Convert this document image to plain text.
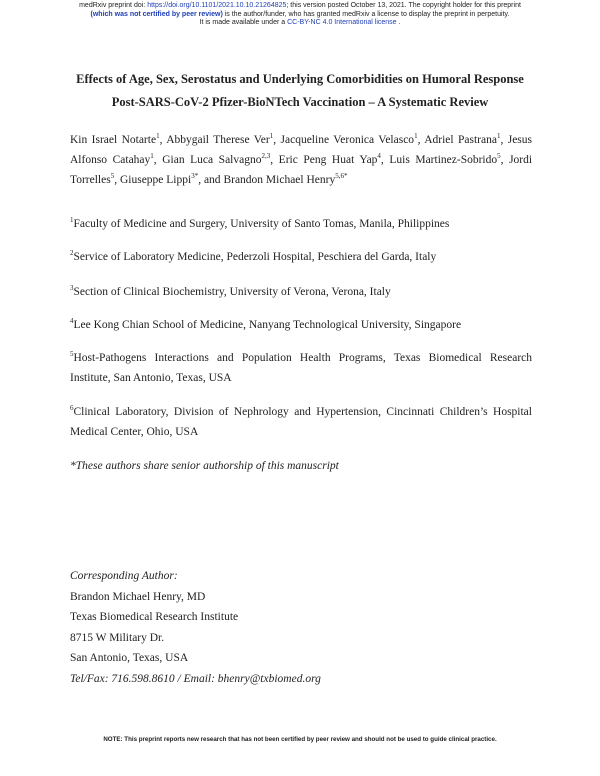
medRxiv preprint doi: https://doi.org/10.1101/2021.10.10.21264825; this version posted October 13, 2021. The copyright holder for this preprint
(which was not certified by peer review) is the author/funder, who has granted medRxiv a license to display the preprint in perpetuity.
It is made available under a CC-BY-NC 4.0 International license .
Effects of Age, Sex, Serostatus and Underlying Comorbidities on Humoral Response
Post-SARS-CoV-2 Pfizer-BioNTech Vaccination – A Systematic Review
Kin Israel Notarte$^1$, Abbygail Therese Ver$^1$, Jacqueline Veronica Velasco$^1$, Adriel Pastrana$^1$, Jesus Alfonso Catahay$^1$, Gian Luca Salvagno$^{2,3}$, Eric Peng Huat Yap$^4$, Luis Martinez-Sobrido$^5$, Jordi Torrelles$^5$, Giuseppe Lippi$^{3*}$, and Brandon Michael Henry$^{5,6*}$
$^1$Faculty of Medicine and Surgery, University of Santo Tomas, Manila, Philippines
$^2$Service of Laboratory Medicine, Pederzoli Hospital, Peschiera del Garda, Italy
$^3$Section of Clinical Biochemistry, University of Verona, Verona, Italy
$^4$Lee Kong Chian School of Medicine, Nanyang Technological University, Singapore
$^5$Host-Pathogens Interactions and Population Health Programs, Texas Biomedical Research Institute, San Antonio, Texas, USA
$^6$Clinical Laboratory, Division of Nephrology and Hypertension, Cincinnati Children’s Hospital Medical Center, Ohio, USA
*These authors share senior authorship of this manuscript
Corresponding Author:
Brandon Michael Henry, MD
Texas Biomedical Research Institute
8715 W Military Dr.
San Antonio, Texas, USA
Tel/Fax: 716.598.8610 / Email: bhenry@txbiomed.org
NOTE: This preprint reports new research that has not been certified by peer review and should not be used to guide clinical practice.
